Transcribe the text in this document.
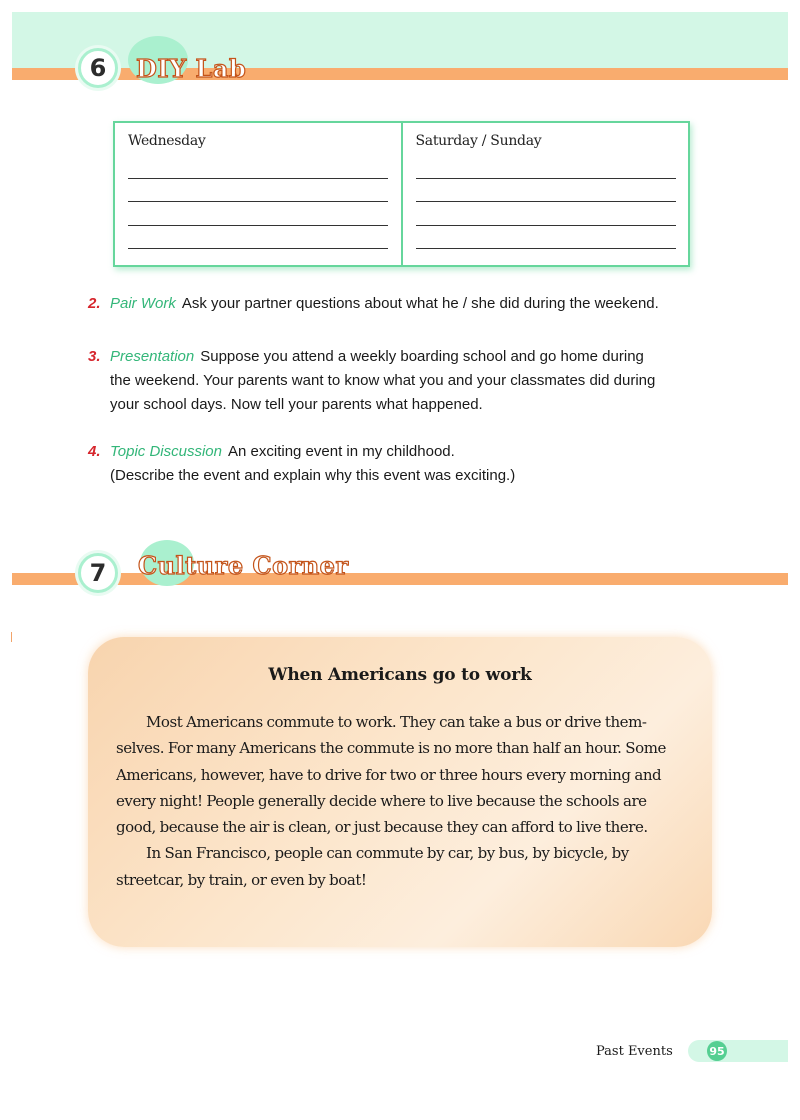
6	DIY Lab
Wednesday	Saturday / Sunday
2. Pair Work Ask your partner questions about what he / she did during the weekend.
3. Presentation Suppose you attend a weekly boarding school and go home during
the weekend. Your parents want to know what you and your classmates did during
your school days. Now tell your parents what happened.
4. Topic Discussion An exciting event in my childhood.
(Describe the event and explain why this event was exciting.)
7	Culture Corner
When Americans go to work

Most Americans commute to work. They can take a bus or drive them-selves. For many Americans the commute is no more than half an hour. Some Americans, however, have to drive for two or three hours every morning and every night! People generally decide where to live because the schools are good, because the air is clean, or just because they can afford to live there.

In San Francisco, people can commute by car, by bus, by bicycle, by streetcar, by train, or even by boat!

Past Events	95
